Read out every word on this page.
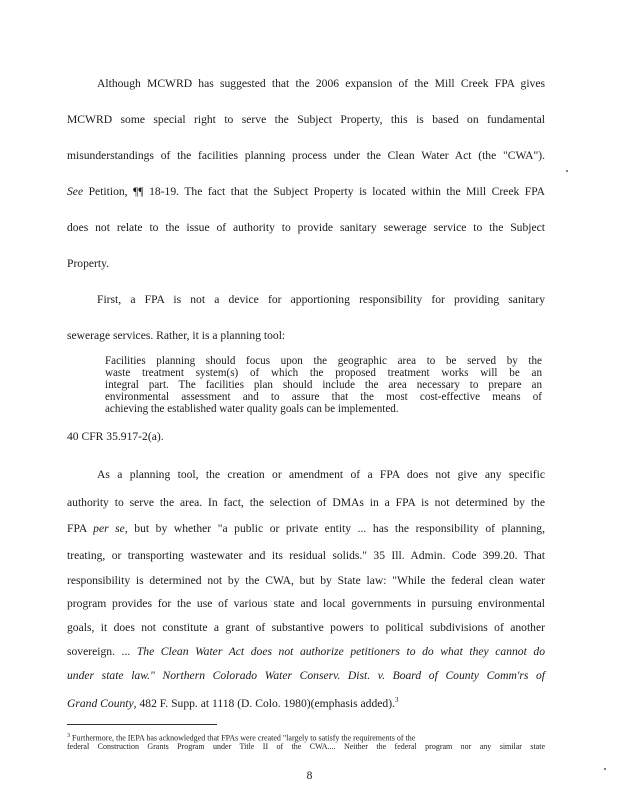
Although MCWRD has suggested that the 2006 expansion of the Mill Creek FPA gives
MCWRD some special right to serve the Subject Property, this is based on fundamental
misunderstandings of the facilities planning process under the Clean Water Act (the "CWA").
See Petition, ¶¶ 18-19. The fact that the Subject Property is located within the Mill Creek FPA
does not relate to the issue of authority to provide sanitary sewerage service to the Subject
Property.
First, a FPA is not a device for apportioning responsibility for providing sanitary
sewerage services. Rather, it is a planning tool:
Facilities planning should focus upon the geographic area to be served by the
waste treatment system(s) of which the proposed treatment works will be an
integral part. The facilities plan should include the area necessary to prepare an
environmental assessment and to assure that the most cost-effective means of
achieving the established water quality goals can be implemented.
40 CFR 35.917-2(a).
As a planning tool, the creation or amendment of a FPA does not give any specific
authority to serve the area. In fact, the selection of DMAs in a FPA is not determined by the
FPA per se, but by whether "a public or private entity ... has the responsibility of planning,
treating, or transporting wastewater and its residual solids." 35 Ill. Admin. Code 399.20. That
responsibility is determined not by the CWA, but by State law: "While the federal clean water
program provides for the use of various state and local governments in pursuing environmental
goals, it does not constitute a grant of substantive powers to political subdivisions of another
$^3$ Furthermore, the IEPA has acknowledged that FPAs were created "largely to satisfy the requirements of the
federal Construction Grants Program under Title II of the CWA.... Neither the federal program nor any similar state
8
sovereign. ... The Clean Water Act does not authorize petitioners to do what they cannot do
under state law." Northern Colorado Water Conserv. Dist. v. Board of County Comm'rs of
Grand County, 482 F. Supp. at 1118 (D. Colo. 1980)(emphasis added).$^3$
